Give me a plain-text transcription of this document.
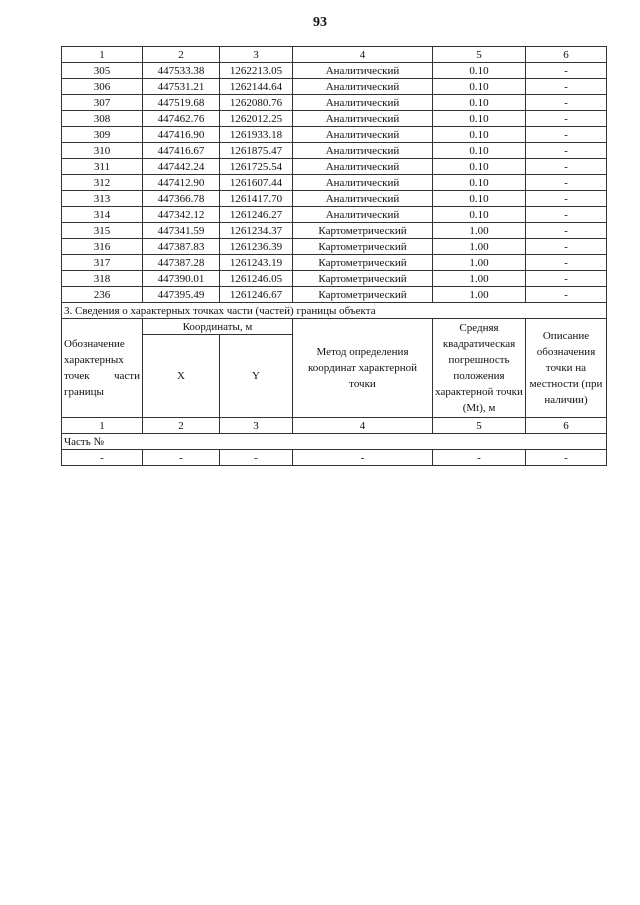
93
1	2	3	4	5	6
305	447533.38	1262213.05	Аналитический	0.10	-
306	447531.21	1262144.64	Аналитический	0.10	-
307	447519.68	1262080.76	Аналитический	0.10	-
308	447462.76	1262012.25	Аналитический	0.10	-
309	447416.90	1261933.18	Аналитический	0.10	-
310	447416.67	1261875.47	Аналитический	0.10	-
311	447442.24	1261725.54	Аналитический	0.10	-
312	447412.90	1261607.44	Аналитический	0.10	-
313	447366.78	1261417.70	Аналитический	0.10	-
314	447342.12	1261246.27	Аналитический	0.10	-
315	447341.59	1261234.37	Картометрический	1.00	-
316	447387.83	1261236.39	Картометрический	1.00	-
317	447387.28	1261243.19	Картометрический	1.00	-
318	447390.01	1261246.05	Картометрический	1.00	-
236	447395.49	1261246.67	Картометрический	1.00	-
3. Сведения о характерных точках части (частей) границы объекта					

Обозначение характерных точек части границы	Координаты, м		Метод определения координат характерной точки	Средняя квадратическая погрешность положения характерной точки (Mt), м	Описание обозначения точки на местности (при наличии)
	X	Y			
1	2	3	4	5	6
Часть №					
-	-	-	-	-	-
